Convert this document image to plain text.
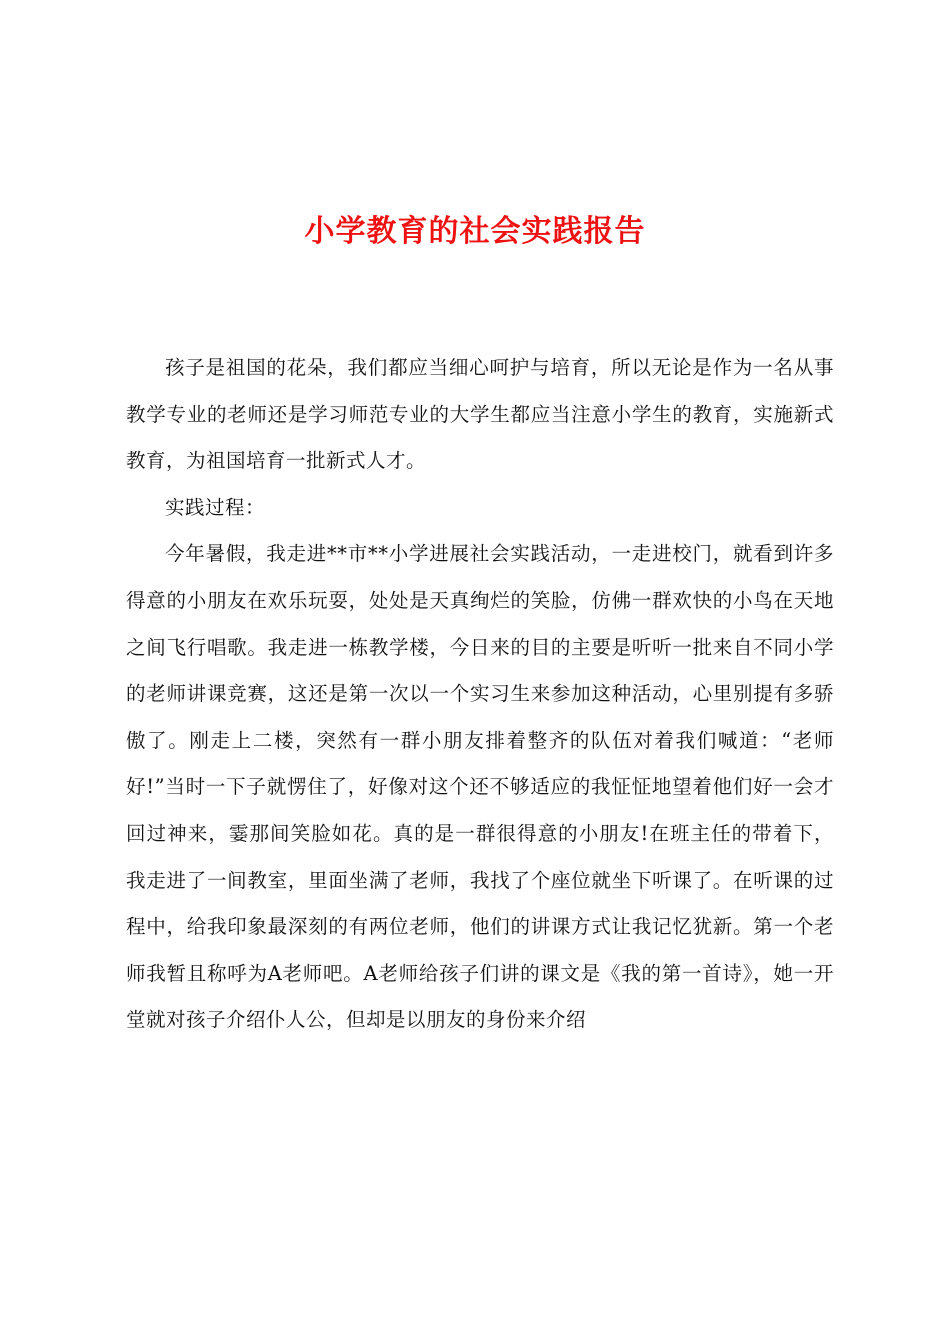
小学教育的社会实践报告

孩子是祖国的花朵，我们都应当细心呵护与培育，所以无论是作为一名从事教学专业的老师还是学习师范专业的大学生都应当注意小学生的教育，实施新式教育，为祖国培育一批新式人才。

实践过程：

今年暑假，我走进**市**小学进展社会实践活动，一走进校门，就看到许多得意的小朋友在欢乐玩耍，处处是天真绚烂的笑脸，仿佛一群欢快的小鸟在天地之间飞行唱歌。我走进一栋教学楼，今日来的目的主要是听听一批来自不同小学的老师讲课竞赛，这还是第一次以一个实习生来参加这种活动，心里别提有多骄傲了。刚走上二楼，突然有一群小朋友排着整齐的队伍对着我们喊道：“老师好!”当时一下子就愣住了，好像对这个还不够适应的我怔怔地望着他们好一会才回过神来，霎那间笑脸如花。真的是一群很得意的小朋友!在班主任的带着下，我走进了一间教室，里面坐满了老师，我找了个座位就坐下听课了。在听课的过程中，给我印象最深刻的有两位老师，他们的讲课方式让我记忆犹新。第一个老师我暂且称呼为A老师吧。A老师给孩子们讲的课文是《我的第一首诗》，她一开堂就对孩子介绍仆人公，但却是以朋友的身份来介绍
